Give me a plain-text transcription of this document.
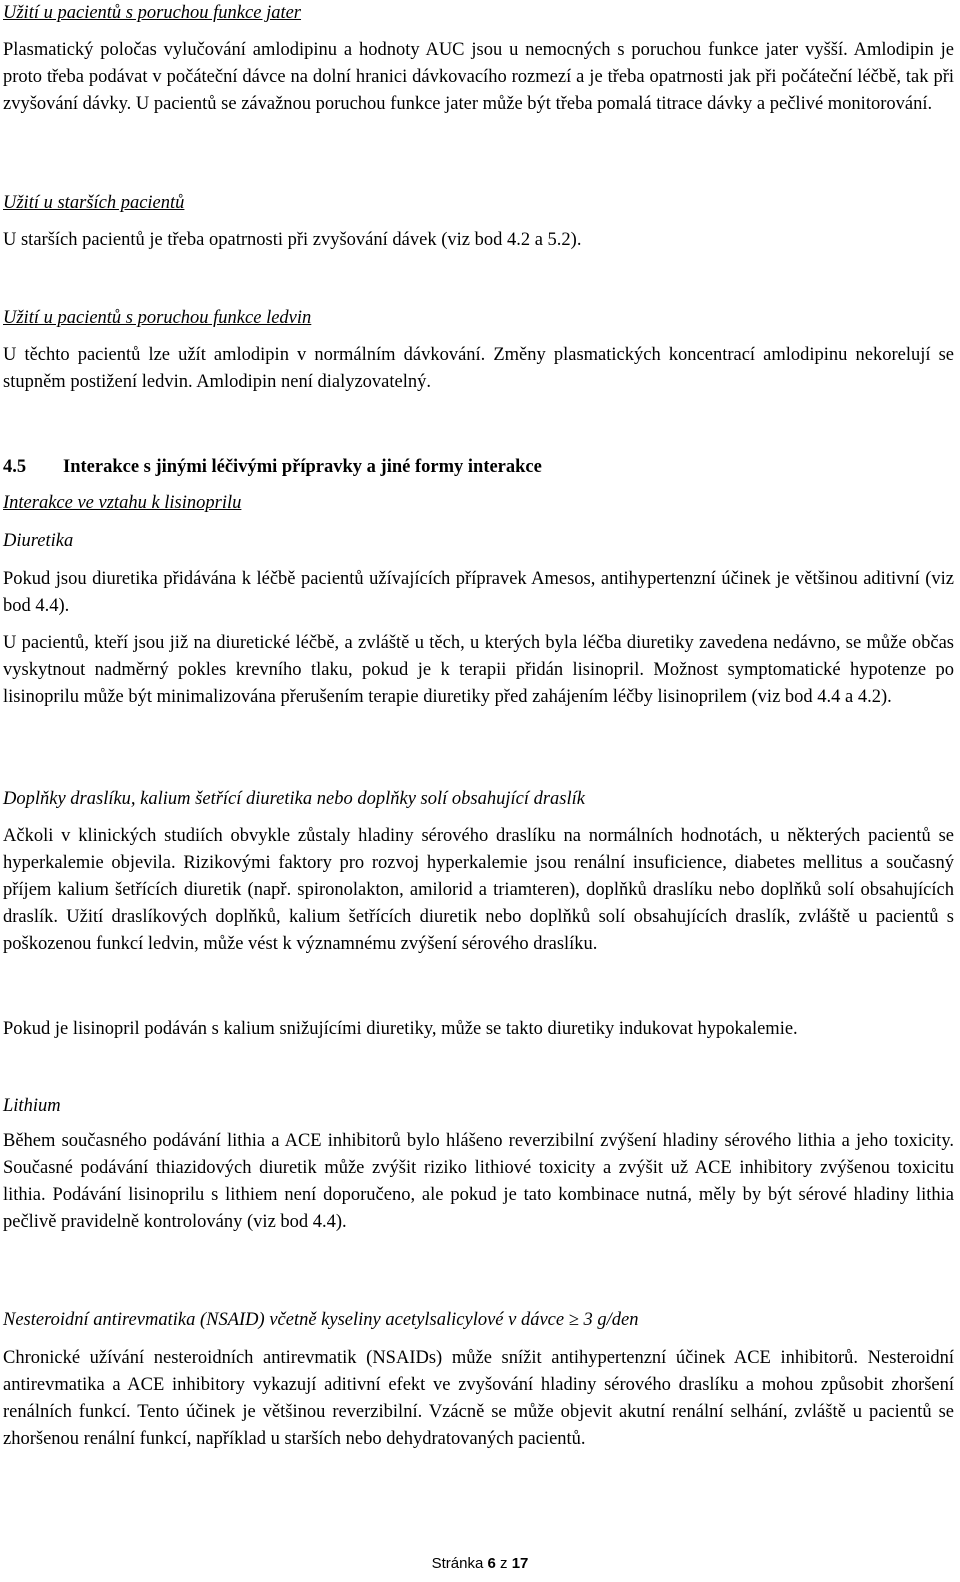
Užití u pacientů s poruchou funkce jater

Plasmatický poločas vylučování amlodipinu a hodnoty AUC jsou u nemocných s poruchou funkce jater vyšší. Amlodipin je proto třeba podávat v počáteční dávce na dolní hranici dávkovacího rozmezí a je třeba opatrnosti jak při počáteční léčbě, tak při zvyšování dávky. U pacientů se závažnou poruchou funkce jater může být třeba pomalá titrace dávky a pečlivé monitorování.

Užití u starších pacientů

U starších pacientů je třeba opatrnosti při zvyšování dávek (viz bod 4.2 a 5.2).

Užití u pacientů s poruchou funkce ledvin

U těchto pacientů lze užít amlodipin v normálním dávkování. Změny plasmatických koncentrací amlodipinu nekorelují se stupněm postižení ledvin. Amlodipin není dialyzovatelný.

4.5	Interakce s jinými léčivými přípravky a jiné formy interakce

Interakce ve vztahu k lisinoprilu

Diuretika

Pokud jsou diuretika přidávána k léčbě pacientů užívajících přípravek Amesos, antihypertenzní účinek je většinou aditivní (viz bod 4.4).

U pacientů, kteří jsou již na diuretické léčbě, a zvláště u těch, u kterých byla léčba diuretiky zavedena nedávno, se může občas vyskytnout nadměrný pokles krevního tlaku, pokud je k terapii přidán lisinopril. Možnost symptomatické hypotenze po lisinoprilu může být minimalizována přerušením terapie diuretiky před zahájením léčby lisinoprilem (viz bod 4.4 a 4.2).

Doplňky draslíku, kalium šetřící diuretika nebo doplňky solí obsahující draslík

Ačkoli v klinických studiích obvykle zůstaly hladiny sérového draslíku na normálních hodnotách, u některých pacientů se hyperkalemie objevila. Rizikovými faktory pro rozvoj hyperkalemie jsou renální insuficience, diabetes mellitus a současný příjem kalium šetřících diuretik (např. spironolakton, amilorid a triamteren), doplňků draslíku nebo doplňků solí obsahujících draslík. Užití draslíkových doplňků, kalium šetřících diuretik nebo doplňků solí obsahujících draslík, zvláště u pacientů s poškozenou funkcí ledvin, může vést k významnému zvýšení sérového draslíku.

Pokud je lisinopril podáván s kalium snižujícími diuretiky, může se takto diuretiky indukovat hypokalemie.

Lithium

Během současného podávání lithia a ACE inhibitorů bylo hlášeno reverzibilní zvýšení hladiny sérového lithia a jeho toxicity. Současné podávání thiazidových diuretik může zvýšit riziko lithiové toxicity a zvýšit už ACE inhibitory zvýšenou toxicitu lithia. Podávání lisinoprilu s lithiem není doporučeno, ale pokud je tato kombinace nutná, měly by být sérové hladiny lithia pečlivě pravidelně kontrolovány (viz bod 4.4).

Nesteroidní antirevmatika (NSAID) včetně kyseliny acetylsalicylové v dávce ≥ 3 g/den

Chronické užívání nesteroidních antirevmatik (NSAIDs) může snížit antihypertenzní účinek ACE inhibitorů. Nesteroidní antirevmatika a ACE inhibitory vykazují aditivní efekt ve zvyšování hladiny sérového draslíku a mohou způsobit zhoršení renálních funkcí. Tento účinek je většinou reverzibilní. Vzácně se může objevit akutní renální selhání, zvláště u pacientů se zhoršenou renální funkcí, například u starších nebo dehydratovaných pacientů.

Stránka 6 z 17
